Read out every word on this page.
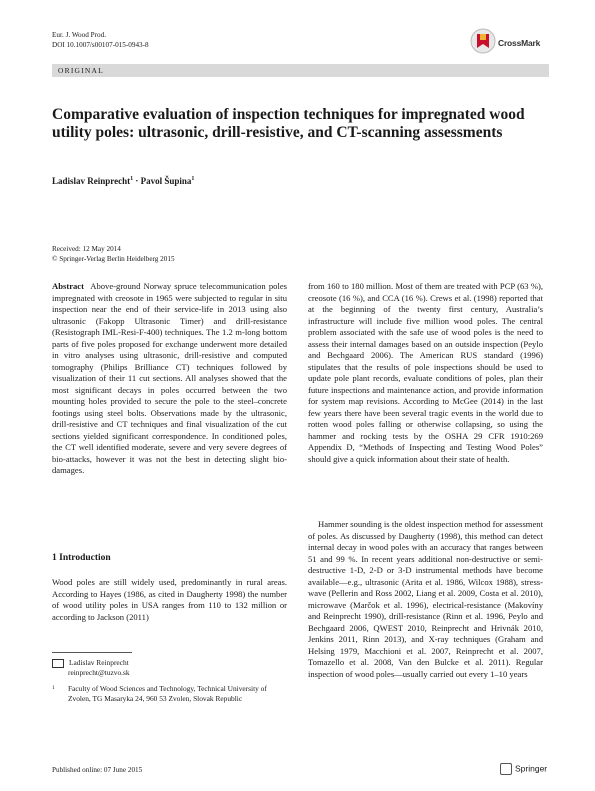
Eur. J. Wood Prod.
DOI 10.1007/s00107-015-0943-8	CrossMark
ORIGINAL
Comparative evaluation of inspection techniques for impregnated wood utility poles: ultrasonic, drill-resistive, and CT-scanning assessments
Ladislav Reinprecht$^1$ · Pavol Šupina$^1$
Received: 12 May 2014
© Springer-Verlag Berlin Heidelberg 2015
Abstract Above-ground Norway spruce telecommunication poles impregnated with creosote in 1965 were subjected to regular in situ inspection near the end of their service-life in 2013 using also ultrasonic (Fakopp Ultrasonic Timer) and drill-resistance (Resistograph IML-Resi-F-400) techniques. The 1.2 m-long bottom parts of five poles proposed for exchange underwent more detailed in vitro analyses using ultrasonic, drill-resistive and computed tomography (Philips Brilliance CT) techniques followed by visualization of their 11 cut sections. All analyses showed that the most significant decays in poles occurred between the two mounting holes provided to secure the pole to the steel–concrete footings using steel bolts. Observations made by the ultrasonic, drill-resistive and CT techniques and final visualization of the cut sections yielded significant correspondence. In conditioned poles, the CT well identified moderate, severe and very severe degrees of bio-attacks, however it was not the best in detecting slight bio-damages.
1 Introduction
Wood poles are still widely used, predominantly in rural areas. According to Hayes (1986, as cited in Daugherty 1998) the number of wood utility poles in USA ranges from 110 to 132 million or according to Jackson (2011)
Ladislav Reinprecht
reinprecht@tuzvo.sk
1	Faculty of Wood Sciences and Technology, Technical University of Zvolen, TG Masaryka 24, 960 53 Zvolen, Slovak Republic
from 160 to 180 million. Most of them are treated with PCP (63 %), creosote (16 %), and CCA (16 %). Crews et al. (1998) reported that at the beginning of the twenty first century, Australia’s infrastructure will include five million wood poles. The central problem associated with the safe use of wood poles is the need to assess their internal damages based on an outside inspection (Peylo and Bechgaard 2006). The American RUS standard (1996) stipulates that the results of pole inspections should be used to update pole plant records, evaluate conditions of poles, plan their future inspections and maintenance action, and provide information for system map revisions. According to McGee (2014) in the last few years there have been several tragic events in the world due to rotten wood poles falling or otherwise collapsing, so using the hammer and rocking tests by the OSHA 29 CFR 1910:269 Appendix D, “Methods of Inspecting and Testing Wood Poles” should give a quick information about their state of health.
Hammer sounding is the oldest inspection method for assessment of poles. As discussed by Daugherty (1998), this method can detect internal decay in wood poles with an accuracy that ranges between 51 and 99 %. In recent years additional non-destructive or semi-destructive 1-D, 2-D or 3-D instrumental methods have become available—e.g., ultrasonic (Arita et al. 1986, Wilcox 1988), stress-wave (Pellerin and Ross 2002, Liang et al. 2009, Costa et al. 2010), microwave (Marčok et al. 1996), electrical-resistance (Makovíny and Reinprecht 1990), drill-resistance (Rinn et al. 1996, Peylo and Bechgaard 2006, QWEST 2010, Reinprecht and Hrivnák 2010, Jenkins 2011, Rinn 2013), and X-ray techniques (Graham and Helsing 1979, Macchioni et al. 2007, Reinprecht et al. 2007, Tomazello et al. 2008, Van den Bulcke et al. 2011). Regular inspection of wood poles—usually carried out every 1–10 years
Published online: 07 June 2015	Springer
